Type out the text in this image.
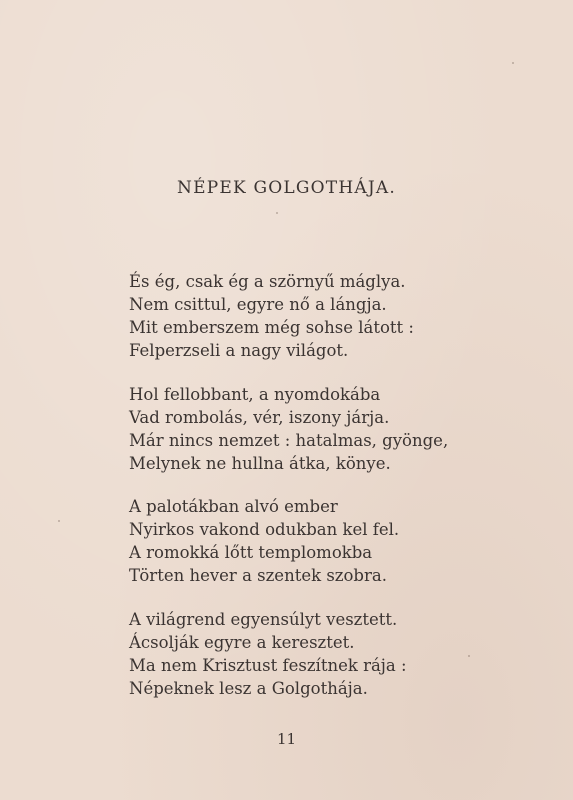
NÉPEK GOLGOTHÁJA.
És ég, csak ég a szörnyű máglya.
Nem csittul, egyre nő a lángja.
Mit emberszem még sohse látott :
Felperzseli a nagy világot.
Hol fellobbant, a nyomdokába
Vad rombolás, vér, iszony járja.
Már nincs nemzet : hatalmas, gyönge,
Melynek ne hullna átka, könye.
A palotákban alvó ember
Nyirkos vakond odukban kel fel.
A romokká lőtt templomokba
Törten hever a szentek szobra.
A világrend egyensúlyt vesztett.
Ácsolják egyre a keresztet.
Ma nem Krisztust feszítnek rája :
Népeknek lesz a Golgothája.
11
